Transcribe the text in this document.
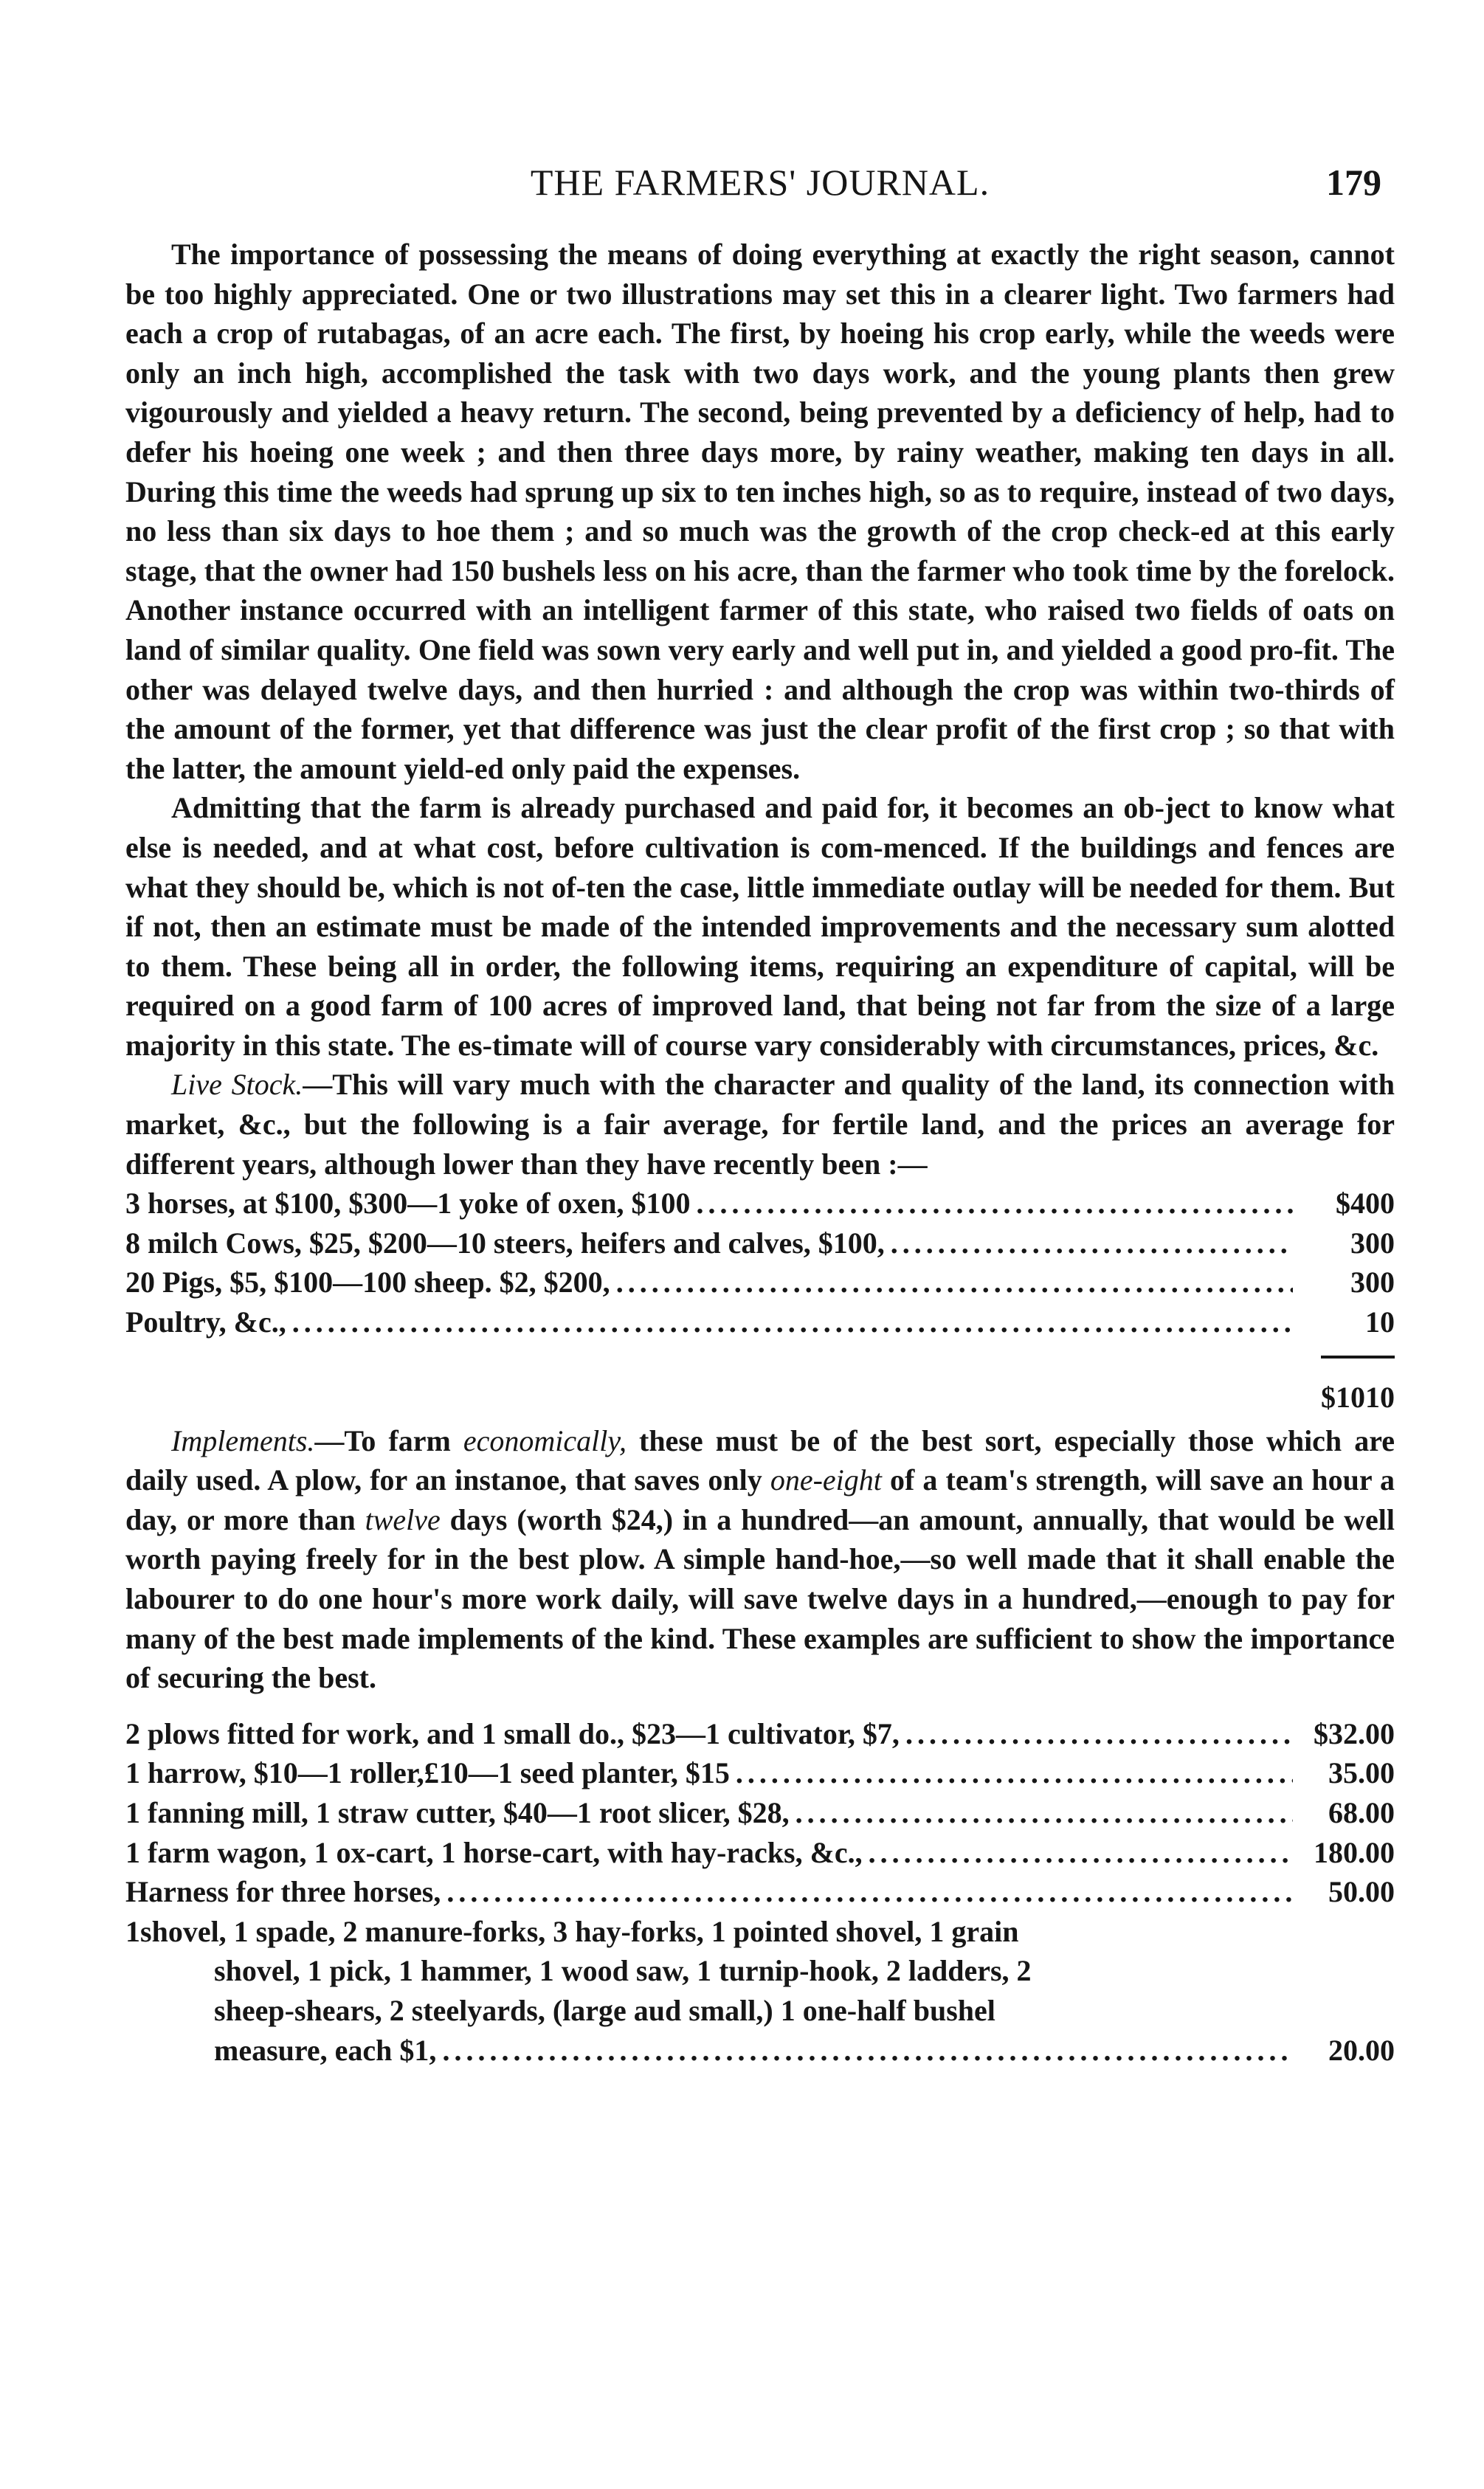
THE FARMERS' JOURNAL.	179

The importance of possessing the means of doing everything at exactly the right season, cannot be too highly appreciated. One or two illustrations may set this in a clearer light. Two farmers had each a crop of rutabagas, of an acre each. The first, by hoeing his crop early, while the weeds were only an inch high, accomplished the task with two days work, and the young plants then grew vigourously and yielded a heavy return. The second, being prevented by a deficiency of help, had to defer his hoeing one week ; and then three days more, by rainy weather, making ten days in all. During this time the weeds had sprung up six to ten inches high, so as to require, instead of two days, no less than six days to hoe them ; and so much was the growth of the crop check-ed at this early stage, that the owner had 150 bushels less on his acre, than the farmer who took time by the forelock. Another instance occurred with an intelligent farmer of this state, who raised two fields of oats on land of similar quality. One field was sown very early and well put in, and yielded a good pro-fit. The other was delayed twelve days, and then hurried : and although the crop was within two-thirds of the amount of the former, yet that difference was just the clear profit of the first crop ; so that with the latter, the amount yield-ed only paid the expenses.

Admitting that the farm is already purchased and paid for, it becomes an ob-ject to know what else is needed, and at what cost, before cultivation is com-menced. If the buildings and fences are what they should be, which is not of-ten the case, little immediate outlay will be needed for them. But if not, then an estimate must be made of the intended improvements and the necessary sum alotted to them. These being all in order, the following items, requiring an expenditure of capital, will be required on a good farm of 100 acres of improved land, that being not far from the size of a large majority in this state. The es-timate will of course vary considerably with circumstances, prices, &c.

Live Stock.—This will vary much with the character and quality of the land, its connection with market, &c., but the following is a fair average, for fertile land, and the prices an average for different years, although lower than they have recently been :—

3 horses, at $100, $300—1 yoke of oxen, $100 .....	$400
8 milch Cows, $25, $200—10 steers, heifers and calves, $100, .....	300
20 Pigs, $5, $100—100 sheep. $2, $200, .....	300
Poultry, &c., .....	10
$1010

Implements.—To farm economically, these must be of the best sort, especially those which are daily used. A plow, for an instanoe, that saves only one-eight of a team's strength, will save an hour a day, or more than twelve days (worth $24,) in a hundred—an amount, annually, that would be well worth paying freely for in the best plow. A simple hand-hoe,—so well made that it shall enable the labourer to do one hour's more work daily, will save twelve days in a hundred,—enough to pay for many of the best made implements of the kind. These examples are sufficient to show the importance of securing the best.

2 plows fitted for work, and 1 small do., $23—1 cultivator, $7, .....	$32.00
1 harrow, $10—1 roller,£10—1 seed planter, $15 .....	35.00
1 fanning mill, 1 straw cutter, $40—1 root slicer, $28, .....	68.00
1 farm wagon, 1 ox-cart, 1 horse-cart, with hay-racks, &c., .....	180.00
Harness for three horses, .....	50.00
1shovel, 1 spade, 2 manure-forks, 3 hay-forks, 1 pointed shovel, 1 grain
shovel, 1 pick, 1 hammer, 1 wood saw, 1 turnip-hook, 2 ladders, 2
sheep-shears, 2 steelyards, (large aud small,) 1 one-half bushel
measure, each $1, .....	20.00
